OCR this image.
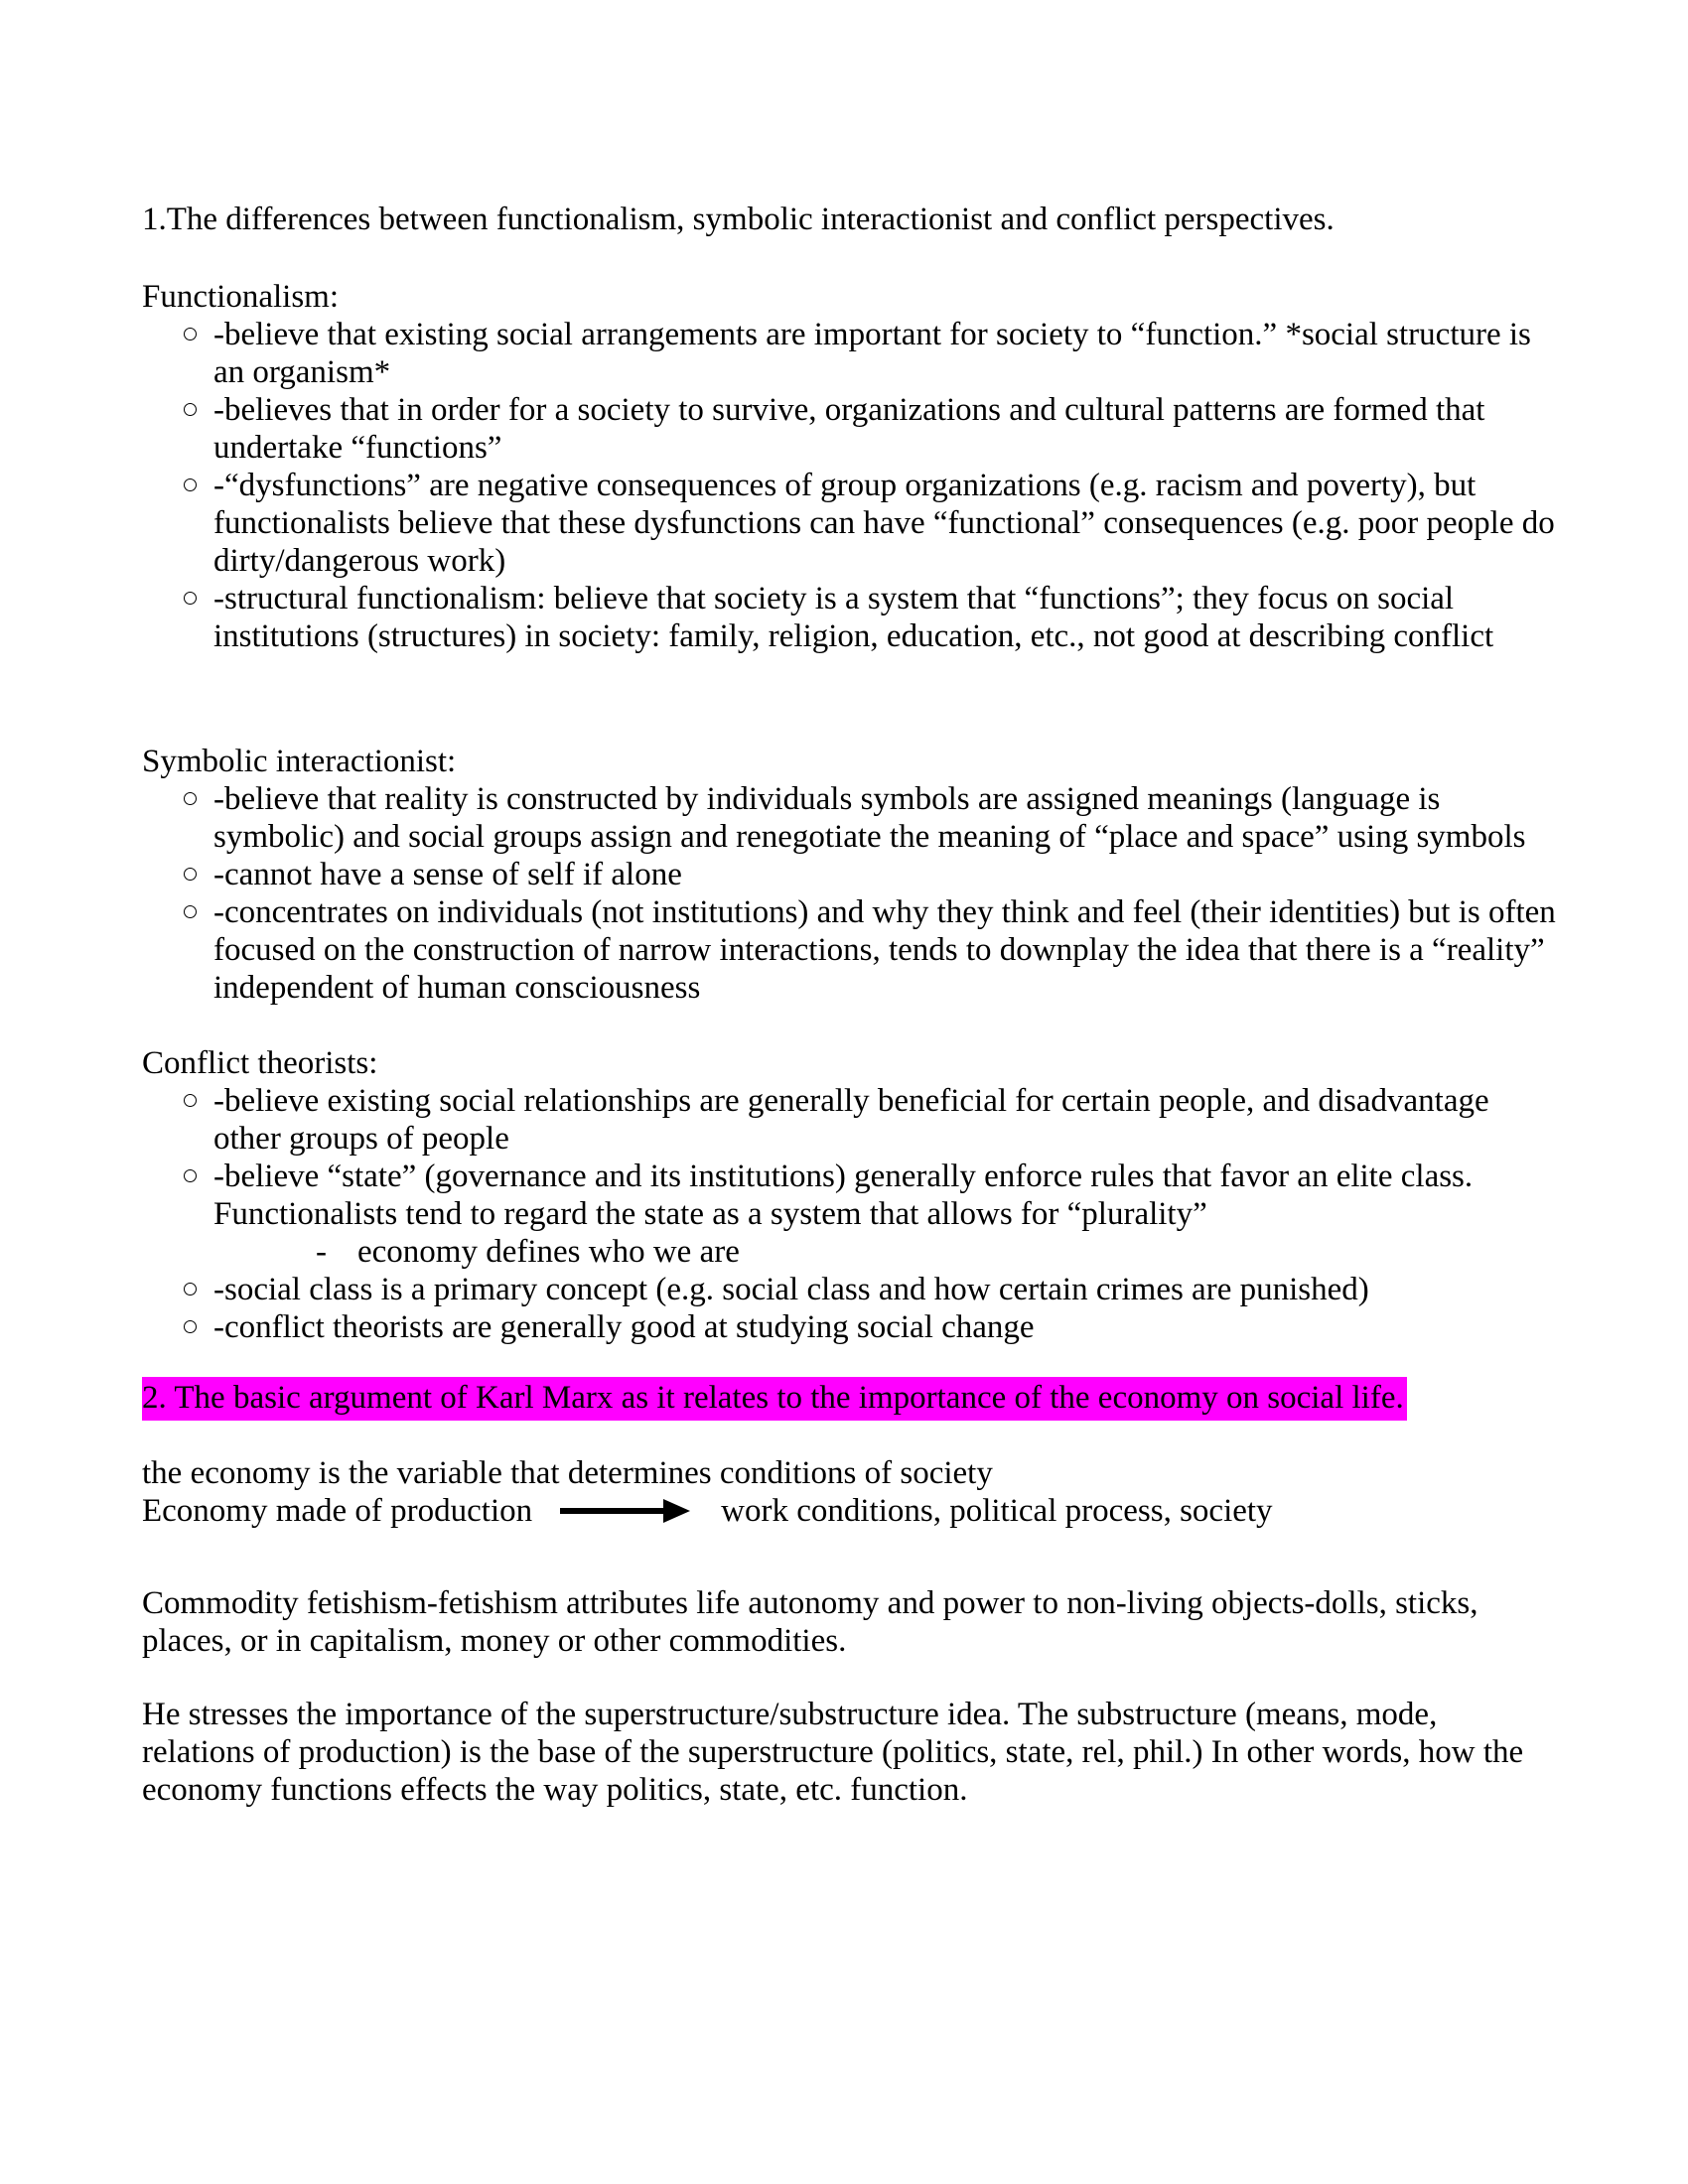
1.The differences between functionalism, symbolic interactionist and conflict perspectives.

Functionalism:
-believe that existing social arrangements are important for society to “function.” *social structure is an organism*
-believes that in order for a society to survive, organizations and cultural patterns are formed that undertake “functions”
-“dysfunctions” are negative consequences of group organizations (e.g. racism and poverty), but functionalists believe that these dysfunctions can have “functional” consequences (e.g. poor people do dirty/dangerous work)
-structural functionalism: believe that society is a system that “functions”; they focus on social institutions (structures) in society: family, religion, education, etc., not good at describing conflict
Symbolic interactionist:
-believe that reality is constructed by individuals symbols are assigned meanings (language is symbolic) and social groups assign and renegotiate the meaning of “place and space” using symbols
-cannot have a sense of self if alone
-concentrates on individuals (not institutions) and why they think and feel (their identities) but is often focused on the construction of narrow interactions, tends to downplay the idea that there is a “reality” independent of human consciousness
Conflict theorists:
-believe existing social relationships are generally beneficial for certain people, and disadvantage other groups of people
-believe “state” (governance and its institutions) generally enforce rules that favor an elite class. Functionalists tend to regard the state as a system that allows for “plurality”
- economy defines who we are
-social class is a primary concept (e.g. social class and how certain crimes are punished)
-conflict theorists are generally good at studying social change

2. The basic argument of Karl Marx as it relates to the importance of the economy on social life.

the economy is the variable that determines conditions of society

Economy made of production	work conditions, political process, society

Commodity fetishism-fetishism attributes life autonomy and power to non-living objects-dolls, sticks, places, or in capitalism, money or other commodities.

He stresses the importance of the superstructure/substructure idea. The substructure (means, mode, relations of production) is the base of the superstructure (politics, state, rel, phil.) In other words, how the economy functions effects the way politics, state, etc. function.
